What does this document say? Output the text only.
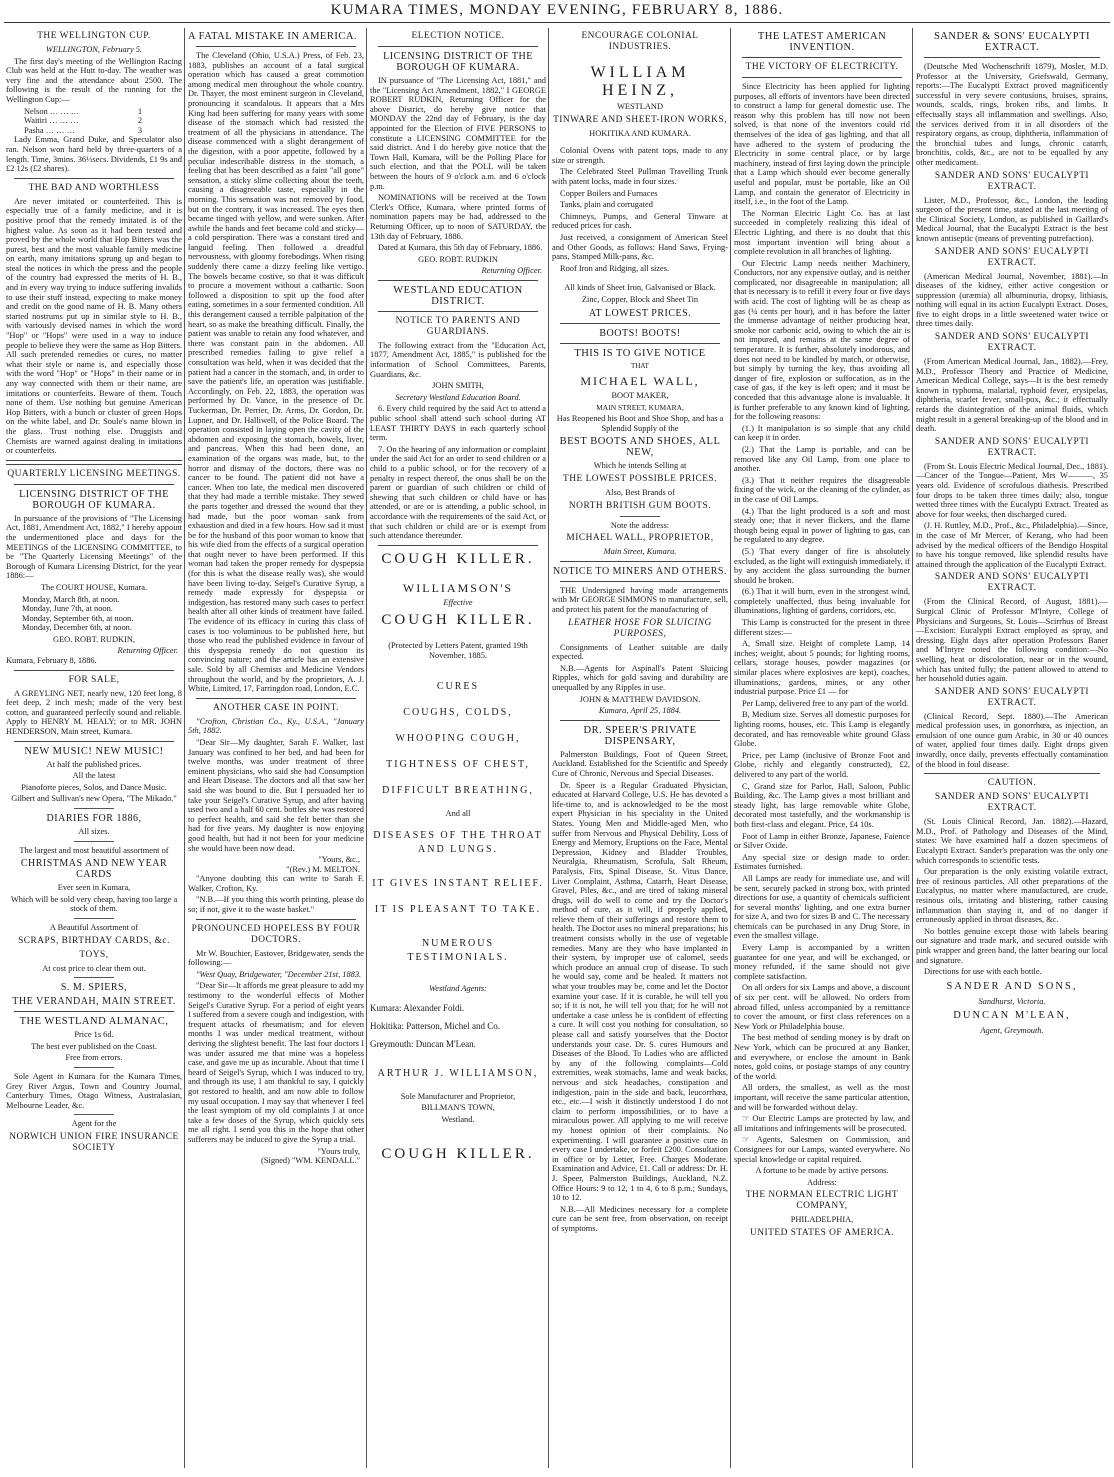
KUMARA TIMES, MONDAY EVENING, FEBRUARY 8, 1886.
THE WELLINGTON CUP.
WELLINGTON, February 5.

The first day's meeting of the Wellington Racing Club was held at the Hutt to-day. The weather was very fine and the attendance about 2500. The following is the result of the running for the Wellington Cup:—

Nelson … … …	1
Waitiri … … …	2
Pasha … … …	3

Lady Emma, Grand Duke, and Speculator also ran. Nelson won hard held by three-quarters of a length. Time, 3mins. 36⅓secs. Dividends, £1 9s and £2 12s (£2 shares).

THE BAD AND WORTHLESS

Are never imitated or counterfeited. This is especially true of a family medicine, and it is positive proof that the remedy imitated is of the highest value. As soon as it had been tested and proved by the whole world that Hop Bitters was the purest, best and the most valuable family medicine on earth, many imitations sprung up and began to steal the notices in which the press and the people of the country had expressed the merits of H. B., and in every way trying to induce suffering invalids to use their stuff instead, expecting to make money and credit on the good name of H. B. Many others started nostrums put up in similar style to H. B., with variously devised names in which the word "Hop" or "Hops" were used in a way to induce people to believe they were the same as Hop Bitters. All such pretended remedies or cures, no matter what their style or name is, and especially those with the word "Hop" or "Hops" in their name or in any way connected with them or their name, are imitations or counterfeits. Beware of them. Touch none of them. Use nothing but genuine American Hop Bitters, with a bunch or cluster of green Hops on the white label, and Dr. Soule's name blown in the glass. Trust nothing else. Druggists and Chemists are warned against dealing in imitations or counterfeits.

QUARTERLY LICENSING MEETINGS.
LICENSING DISTRICT OF THE BOROUGH OF KUMARA.

In pursuance of the provisions of "The Licensing Act, 1881, Amendment Act, 1882," I hereby appoint the undermentioned place and days for the MEETINGS of the LICENSING COMMITTEE, to be "The Quarterly Licensing Meetings" of the Borough of Kumara Licensing District, for the year 1886:—

The COURT HOUSE, Kumara.
Monday, March 8th, at noon.
Monday, June 7th, at noon.
Monday, September 6th, at noon.
Monday, December 6th, at noon.
GEO. ROBT. RUDKIN,
Returning Officer.
Kumara, February 8, 1886.
FOR SALE,

A GREYLING NET, nearly new, 120 feet long, 8 feet deep, 2 inch mesh; made of the very best cotton, and guaranteed perfectly sound and reliable. Apply to HENRY M. HEALY; or to MR. JOHN HENDERSON, Main street, Kumara.

NEW MUSIC! NEW MUSIC!
At half the published prices.
All the latest
Pianoforte pieces, Solos, and Dance Music.
Gilbert and Sullivan's new Opera, "The Mikado."
DIARIES FOR 1886,
All sizes.
The largest and most beautiful assortment of
CHRISTMAS AND NEW YEAR CARDS
Ever seen in Kumara,
Which will be sold very cheap, having too large a stock of them.
A Beautiful Assortment of
SCRAPS, BIRTHDAY CARDS, &c.
TOYS,
At cost price to clear them out.
S. M. SPIERS,
THE VERANDAH, MAIN STREET.
THE WESTLAND ALMANAC,
Price 1s 6d.
The best ever published on the Coast.
Free from errors.

Sole Agent in Kumara for the Kumara Times, Grey River Argus, Town and Country Journal, Canterbury Times, Otago Witness, Australasian, Melbourne Leader, &c.

Agent for the
NORWICH UNION FIRE INSURANCE SOCIETY
A FATAL MISTAKE IN AMERICA.

The Cleveland (Ohio, U.S.A.) Press, of Feb. 23, 1883, publishes an account of a fatal surgical operation which has caused a great commotion among medical men throughout the whole country. Dr. Thayer, the most eminent surgeon in Cleveland, pronouncing it scandalous. It appears that a Mrs King had been suffering for many years with some disease of the stomach which had resisted the treatment of all the physicians in attendance. The disease commenced with a slight derangement of the digestion, with a poor appetite, followed by a peculiar indescribable distress in the stomach, a feeling that has been described as a faint "all gone" sensation, a sticky slime collecting about the teeth, causing a disagreeable taste, especially in the morning. This sensation was not removed by food, but on the contrary, it was increased. The eyes then became tinged with yellow, and were sunken. After awhile the hands and feet became cold and sticky—a cold perspiration. There was a constant tired and languid feeling. Then followed a dreadful nervousness, with gloomy forebodings. When rising suddenly there came a dizzy feeling like vertigo. The bowels became costive, so that it was difficult to procure a movement without a cathartic. Soon followed a disposition to spit up the food after eating, sometimes in a sour fermented condition. All this derangement caused a terrible palpitation of the heart, so as make the breathing difficult. Finally, the patient was unable to retain any food whatever, and there was constant pain in the abdomen. All prescribed remedies failing to give relief a consultation was held, when it was decided that the patient had a cancer in the stomach, and, in order to save the patient's life, an operation was justifiable. Accordingly, on Feb. 22, 1883, the operation was performed by Dr. Vance, in the presence of Dr. Tuckerman, Dr. Perrier, Dr. Arms, Dr. Gordon, Dr. Lupner, and Dr. Halliwell, of the Police Board. The operation consisted in laying open the cavity of the abdomen and exposing the stomach, bowels, liver, and pancreas. When this had been done, an examination of the organs was made, but, to the horror and dismay of the doctors, there was no cancer to be found. The patient did not have a cancer. When too late, the medical men discovered that they had made a terrible mistake. They sewed the parts together and dressed the wound that they had made, but the poor woman sank from exhaustion and died in a few hours. How sad it must be for the husband of this poor woman to know that his wife died from the effects of a surgical operation that ought never to have been performed. If this woman had taken the proper remedy for dyspepsia (for this is what the disease really was), she would have been living to-day. Seigel's Curative Syrup, a remedy made expressly for dyspepsia or indigestion, has restored many such cases to perfect health after all other kinds of treatment have failed. The evidence of its efficacy in curing this class of cases is too voluminous to be published here, but those who read the published evidence in favour of this dyspepsia remedy do not question its convincing nature; and the article has an extensive sale. Sold by all Chemists and Medicine Vendors throughout the world, and by the proprietors, A. J. White, Limited, 17, Farringdon road, London, E.C.

ANOTHER CASE IN POINT.

"Crofton, Christian Co., Ky., U.S.A., "January 5th, 1882.

"Dear Sir—My daughter, Sarah F. Walker, last January was confined to her bed, and had been for twelve months, was under treatment of three eminent physicians, who said she had Consumption and Heart Disease. The doctors and all that saw her said she was bound to die. But I persuaded her to take your Seigel's Curative Syrup, and after having used two and a half 60 cent. bottles she was restored to perfect health, and said she felt better than she had for five years. My daughter is now enjoying good health, but had it not been for your medicine she would have been now dead.

"Yours, &c.,
"(Rev.) M. MELTON.

"Anyone doubting this can write to Sarah F. Walker, Crofton, Ky.

"N.B.—If you thing this worth printing, please do so; if not, give it to the waste basket."

PRONOUNCED HOPELESS BY FOUR DOCTORS.

Mr W. Bouchier, Eastover, Bridgewater, sends the following:—

"West Quay, Bridgewater, "December 21st, 1883.

"Dear Sir—It affords me great pleasure to add my testimony to the wonderful effects of Mother Seigel's Curative Syrup. For a period of eight years I suffered from a severe cough and indigestion, with frequent attacks of rheumatism; and for eleven months I was under medical treatment, without deriving the slightest benefit. The last four doctors I was under assured me that mine was a hopeless case, and gave me up as incurable. About that time I heard of Seigel's Syrup, which I was induced to try, and through its use, I am thankful to say, I quickly got restored to health, and am now able to follow my usual occupation. I may say that whenever I feel the least symptom of my old complaints I at once take a few doses of the Syrup, which quickly sets me all right. I send you this in the hope that other sufferers may be induced to give the Syrup a trial.

"Yours truly,
(Signed) "WM. KENDALL."
ELECTION NOTICE.
LICENSING DISTRICT OF THE BOROUGH OF KUMARA.

IN pursuance of "The Licensing Act, 1881," and the "Licensing Act Amendment, 1882," I GEORGE ROBERT RUDKIN, Returning Officer for the above District, do hereby give notice that MONDAY the 22nd day of February, is the day appointed for the Election of FIVE PERSONS to constitute a LICENSING COMMITTEE for the said district. And I do hereby give notice that the Town Hall, Kumara, will be the Polling Place for such election, and that the POLL will be taken between the hours of 9 o'clock a.m. and 6 o'clock p.m.

NOMINATIONS will be received at the Town Clerk's Office, Kumara, where printed forms of nomination papers may be had, addressed to the Returning Officer, up to noon of SATURDAY, the 13th day of February, 1886.

Dated at Kumara, this 5th day of February, 1886.

GEO. ROBT. RUDKIN
Returning Officer.
WESTLAND EDUCATION DISTRICT.
NOTICE TO PARENTS AND GUARDIANS.

The following extract from the "Education Act, 1877, Amendment Act, 1885," is published for the information of School Committees, Parents, Guardians, &c.

JOHN SMITH,
Secretary Westland Education Board.

6. Every child required by the said Act to attend a public school shall attend such school during AT LEAST THIRTY DAYS in each quarterly school term.

7. On the hearing of any information or complaint under the said Act for an order to send children or a child to a public school, or for the recovery of a penalty in respect thereof, the onus shall be on the parent or guardian of such children or child of shewing that such children or child have or has attended, or are or is attending, a public school, in accordance with the requirements of the said Act, or that such children or child are or is exempt from such attendance thereunder.

COUGH KILLER.
WILLIAMSON'S
Effective
COUGH KILLER.
(Protected by Letters Patent, granted 19th November, 1885.
CURES
COUGHS, COLDS,
WHOOPING COUGH,
TIGHTNESS OF CHEST,
DIFFICULT BREATHING,
And all
DISEASES OF THE THROAT AND LUNGS.
IT GIVES INSTANT RELIEF.
IT IS PLEASANT TO TAKE.
NUMEROUS TESTIMONIALS.
Westland Agents:
Kumara: Alexander Foldi.
Hokitika: Patterson, Michel and Co.
Greymouth: Duncan M'Lean.
ARTHUR J. WILLIAMSON,
Sole Manufacturer and Proprietor,
BILLMAN'S TOWN,
Westland.
COUGH KILLER.
ENCOURAGE COLONIAL INDUSTRIES.
WILLIAM HEINZ,
WESTLAND
TINWARE AND SHEET-IRON WORKS,
HOKITIKA AND KUMARA.

Colonial Ovens with patent tops, made to any size or strength.

The Celebrated Steel Pullman Travelling Trunk with patent locks, made in four sizes.

Copper Boilers and Furnaces

Tanks, plain and corrugated

Chimneys, Pumps, and General Tinware at reduced prices for cash.

Just received, a consignment of American Steel and Other Goods, as follows: Hand Saws, Frying-pans, Stamped Milk-pans, &c.

Roof Iron and Ridging, all sizes.

All kinds of Sheet Iron, Galvanised or Black.
Zinc, Copper, Block and Sheet Tin
AT LOWEST PRICES.
BOOTS! BOOTS!
THIS IS TO GIVE NOTICE
THAT
MICHAEL WALL,
BOOT MAKER,
MAIN STREET, KUMARA,
Has Reopened his Boot and Shoe Shop, and has a Splendid Supply of the
BEST BOOTS AND SHOES, ALL NEW,
Which he intends Selling at
THE LOWEST POSSIBLE PRICES.
Also, Best Brands of
NORTH BRITISH GUM BOOTS.
Note the address:
MICHAEL WALL, PROPRIETOR,
Main Street, Kumara.
NOTICE TO MINERS AND OTHERS.

THE Undersigned having made arrangements with Mr GEORGE SIMMONS to manufacture, sell, and protect his patent for the manufacturing of

LEATHER HOSE FOR SLUICING PURPOSES,

Consignments of Leather suitable are daily expected.

N.B.—Agents for Aspinall's Patent Sluicing Ripples, which for gold saving and durability are unequalled by any Ripples in use.

JOHN & MATTHEW DAVIDSON.
Kumara, April 25, 1884.
DR. SPEER'S PRIVATE DISPENSARY,

Palmerston Buildings, Foot of Queen Street, Auckland. Established for the Scientific and Speedy Cure of Chronic, Nervous and Special Diseases.

Dr. Speer is a Regular Graduated Physician, educated at Harvard College, U.S. He has devoted a life-time to, and is acknowledged to be the most expert Physician in his speciality in the United States. Young Men and Middle-aged Men, who suffer from Nervous and Physical Debility, Loss of Energy and Memory, Eruptions on the Face, Mental Depression, Kidney and Bladder Troubles, Neuralgia, Rheumatism, Scrofula, Salt Rheum, Paralysis, Fits, Spinal Disease, St. Vitus Dance, Liver Complaint, Asthma, Catarrh, Heart Disease, Gravel, Piles, &c., and are tired of taking mineral drugs, will do well to come and try the Doctor's method of cure, as it will, if properly applied, relieve them of their sufferings and restore them to health. The Doctor uses no mineral preparations; his treatment consists wholly in the use of vegetable remedies. Many are they who have implanted in their system, by improper use of calomel, seeds which produce an annual crop of disease. To such he would say, come and be healed. It matters not what your troubles may be, come and let the Doctor examine your case. If it is curable, he will tell you so; if it is not, he will tell you that; for he will not undertake a case unless he is confident of effecting a cure. It will cost you nothing for consultation, so please call and satisfy yourselves that the Doctor understands your case. Dr. S. cures Humours and Diseases of the Blood. To Ladies who are afflicted by any of the following complaints—Cold extremities, weak stomachs, lame and weak backs, nervous and sick headaches, constipation and indigestion, pain in the side and back, leucorrhœa, etc., etc.—I wish it distinctly understood I do not claim to perform impossibilities, or to have a miraculous power. All applying to me will receive my honest opinion of their complaints. No experimenting. I will guarantee a positive cure in every case I undertake, or forfeit £200. Consultation in office or by Letter, Free. Charges Moderate. Examination and Advice, £1. Call or address: Dr. H. J. Speer, Palmerston Buildings, Auckland, N.Z. Office Hours: 9 to 12, 1 to 4, 6 to 8 p.m.; Sundays, 10 to 12.

N.B.—All Medicines necessary for a complete cure can be sent free, from observation, on receipt of symptoms.

THE LATEST AMERICAN INVENTION.
THE VICTORY OF ELECTRICITY.

Since Electricity has been applied for lighting purposes, all efforts of inventors have been directed to construct a lamp for general domestic use. The reason why this problem has till now not been solved, is that none of the inventors could rid themselves of the idea of gas lighting, and that all have adhered to the system of producing the Electricity in some central place, or by large machinery, instead of first laying down the principle that a Lamp which should ever become generally useful and popular, must be portable, like an Oil Lamp, and contain the generator of Electricity in itself, i.e., in the foot of the Lamp.

The Norman Electric Light Co. has at last succeeded in completely realizing this ideal of Electric Lighting, and there is no doubt that this most important invention will bring about a complete revolution in all branches of lighting.

Our Electric Lamp needs neither Machinery, Conductors, nor any expensive outlay, and is neither complicated, nor disagreeable in manipulation; all that is necessary is to refill it every four or five days with acid. The cost of lighting will be as cheap as gas (¼ cents per hour), and it has before the latter the immense advantage of neither producing heat, smoke nor carbonic acid, owing to which the air is not impured, and remains at the same degree of temperature. It is further, absolutely inodorous, and does not need to be kindled by match, or otherwise, but simply by turning the key, thus avoiding all danger of fire, explosion or suffocation, as in the case of gas, if the key is left open; and it must be conceded that this advantage alone is invaluable. It is further preferable to any known kind of lighting, for the following reasons:

(1.) It manipulation is so simple that any child can keep it in order.

(2.) That the Lamp is portable, and can be removed like any Oil Lamp, from one place to another.

(3.) That it neither requires the disagreeable fixing of the wick, or the cleaning of the cylinder, as in the case of Oil Lamps.

(4.) That the light produced is a soft and most steady one; that it never flickers, and the flame though being equal in power of lighting to gas, can be regulated to any degree.

(5.) That every danger of fire is absolutely excluded, as the light will extinguish immediately, if by any accident the glass surrounding the burner should be broken.

(6.) That it will burn, even in the strongest wind, completely unaffected, thus being invaluable for illuminations, lighting of gardens, corridors, etc.

This Lamp is constructed for the present in three different sizes:—

A, Small size. Height of complete Lamp, 14 inches; weight, about 5 pounds; for lighting rooms, cellars, storage houses, powder magazines (or similar places where explosives are kept), coaches, illuminations, gardens, mines, or any other industrial purpose. Price £1 — for

Per Lamp, delivered free to any part of the world.

B, Medium size. Serves all domestic purposes for lighting rooms, houses, etc. This Lamp is elegantly decorated, and has removeable white ground Glass Globe.

Price, per Lamp (inclusive of Bronze Foot and Globe, richly and elegantly constructed), £2, delivered to any part of the world.

C, Grand size for Parlor, Hall, Saloon, Public Building, &c. The Lamp gives a most brilliant and steady light, has large removable white Globe, decorated most tastefully, and the workmanship is both first-class and elegant. Price, £4 10s.

Foot of Lamp in either Bronze, Japanese, Faience or Silver Oxide.

Any special size or design made to order. Estimates furnished.

All Lamps are ready for immediate use, and will be sent, securely packed in strong box, with printed directions for use, a quantity of chemicals sufficient for several months' lighting, and one extra burner for size A, and two for sizes B and C. The necessary chemicals can be purchased in any Drug Store, in even the smallest village.

Every Lamp is accompanied by a written guarantee for one year, and will be exchanged, or money refunded, if the same should not give complete satisfaction.

On all orders for six Lamps and above, a discount of six per cent. will be allowed. No orders from abroad filled, unless accompanied by a remittance to cover the amount, or first class references on a New York or Philadelphia house.

The best method of sending money is by draft on New York, which can be procured at any Banker, and everywhere, or enclose the amount in Bank notes, gold coins, or postage stamps of any country of the world.

All orders, the smallest, as well as the most important, will receive the same particular attention, and will be forwarded without delay.

☞ Our Electric Lamps are protected by law, and all imitations and infringements will be prosecuted.

☞ Agents, Salesmen on Commission, and Consignees for our Lamps, wanted everywhere. No special knowledge or capital required.

A fortune to be made by active persons.
Address:
THE NORMAN ELECTRIC LIGHT COMPANY,
PHILADELPHIA,
UNITED STATES OF AMERICA.
SANDER & SONS' EUCALYPTI EXTRACT.

(Deutsche Med Wochenschrift 1879), Mosler, M.D. Professor at the University, Griefswald, Germany, reports:—The Eucalypti Extract proved magnificently successful in very severe contusions, bruises, sprains, wounds, scalds, rings, broken ribs, and limbs. It effectually stays all inflammation and swellings. Also, the services derived from it in all disorders of the respiratory organs, as croup, diphtheria, inflammation of the bronchial tubes and lungs, chronic catarrh, bronchitis, colds, &c., are not to be equalled by any other medicament.

SANDER AND SONS' EUCALYPTI EXTRACT.

Lister, M.D., Professor, &c., London, the leading surgeon of the present time, stated at the last meeting of the Clinical Society, London, as published in Gaillard's Medical Journal, that the Eucalypti Extract is the best known antiseptic (means of preventing putrefaction).

SANDER AND SONS' EUCALYPTI EXTRACT.

(American Medical Journal, November, 1881).—In diseases of the kidney, either active congestion or suppression (uræmia) all albuminuria, dropsy, lithiasis, nothing will equal in its action Eucalypti Extract. Doses, five to eight drops in a little sweetened water twice or three times daily.

SANDER AND SONS' EUCALYPTI EXTRACT.

(From American Medical Journal, Jan., 1882).—Frey, M.D., Professor Theory and Practice of Medicine, American Medical College, says—It is the best remedy known in typhoma, malarial, typhoid fever, erysipelas, diphtheria, scarlet fever, small-pox, &c.; it effectually retards the disintegration of the animal fluids, which might result in a general breaking-up of the blood and in death.

SANDER AND SONS' EUCALYPTI EXTRACT.

(From St. Louis Electric Medical Journal, Dec., 1881).—Cancer of the Tongue—Patient, Mrs W———, 35 years old. Evidence of scrofulous diathesis. Prescribed four drops to be taken three times daily; also, tongue wetted three times with the Eucalypti Extract. Treated as above for four weeks, then discharged cured.

(J. H. Ruttley, M.D., Prof., &c., Philadelphia).—Since, in the case of Mr Mercer, of Kerang, who had been advised by the medical officers of the Bendigo Hospital to have his tongue removed, like splendid results have attained through the application of the Eucalypti Extract.

SANDER AND SONS' EUCALYPTI EXTRACT.

(From the Clinical Record, of August, 1881).—Surgical Clinic of Professor M'Intyre, College of Physicians and Surgeons, St. Louis—Scirrhus of Breast—Excision: Eucalypti Extract employed as spray, and dressing. Eight days after operation Professors Baner and M'Intyre noted the following condition:—No swelling, heat or discoloration, near or in the wound, which has united fully; the patient allowed to attend to her household duties again.

SANDER AND SONS' EUCALYPTI EXTRACT.

(Clinical Record, Sept. 1880).—The American medical profession uses, in gonorrhœa, as injection, an emulsion of one ounce gum Arabic, in 30 or 40 ounces of water, applied four times daily. Eight drops given inwardly, once daily, prevents effectually contamination of the blood in foul disease.

CAUTION.
SANDER AND SONS' EUCALYPTI EXTRACT.

(St. Louis Clinical Record, Jan. 1882).—Hazard, M.D., Prof. of Pathology and Diseases of the Mind, states: We have examined half a dozen specimens of Eucalypti Extract. Sander's preparation was the only one which corresponds to scientific tests.

Our preparation is the only existing volatile extract, free of resinous particles. All other preparations of the Eucalyptus, no matter where manufactured, are crude, resinous oils, irritating and blistering, rather causing inflammation than staying it, and of no danger if erroneously applied in throat diseases, &c.

No bottles genuine except those with labels bearing our signature and trade mark, and secured outside with pink wrapper and green band, the latter bearing our local and signature.

Directions for use with each bottle.

SANDER AND SONS,
Sandhurst, Victoria.
DUNCAN M'LEAN,
Agent, Greymouth.
